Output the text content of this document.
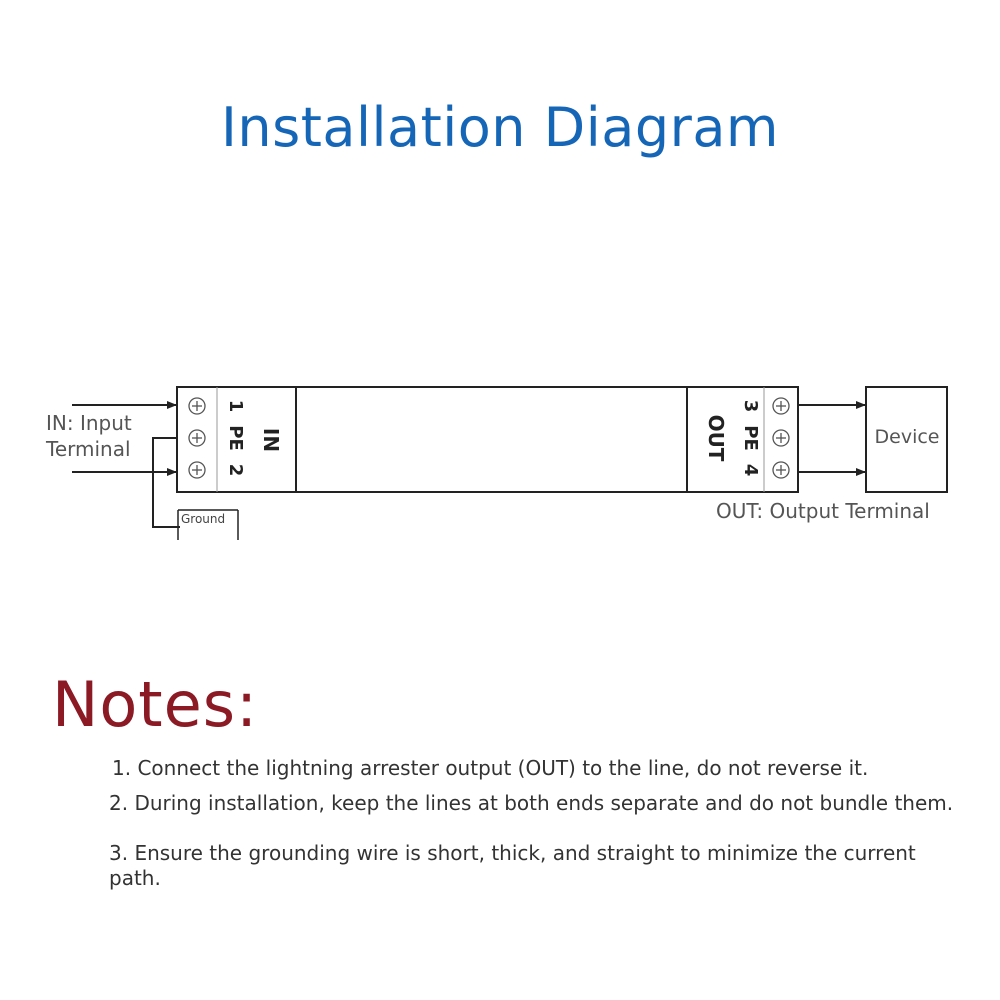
Installation Diagram
Ground
1
PE
2
IN
3
PE
4
OUT	Device
IN: Input
Terminal
OUT: Output Terminal
Notes:
1. Connect the lightning arrester output (OUT) to the line, do not reverse it.
2. During installation, keep the lines at both ends separate and do not bundle them.
3. Ensure the grounding wire is short, thick, and straight to minimize the current path.
